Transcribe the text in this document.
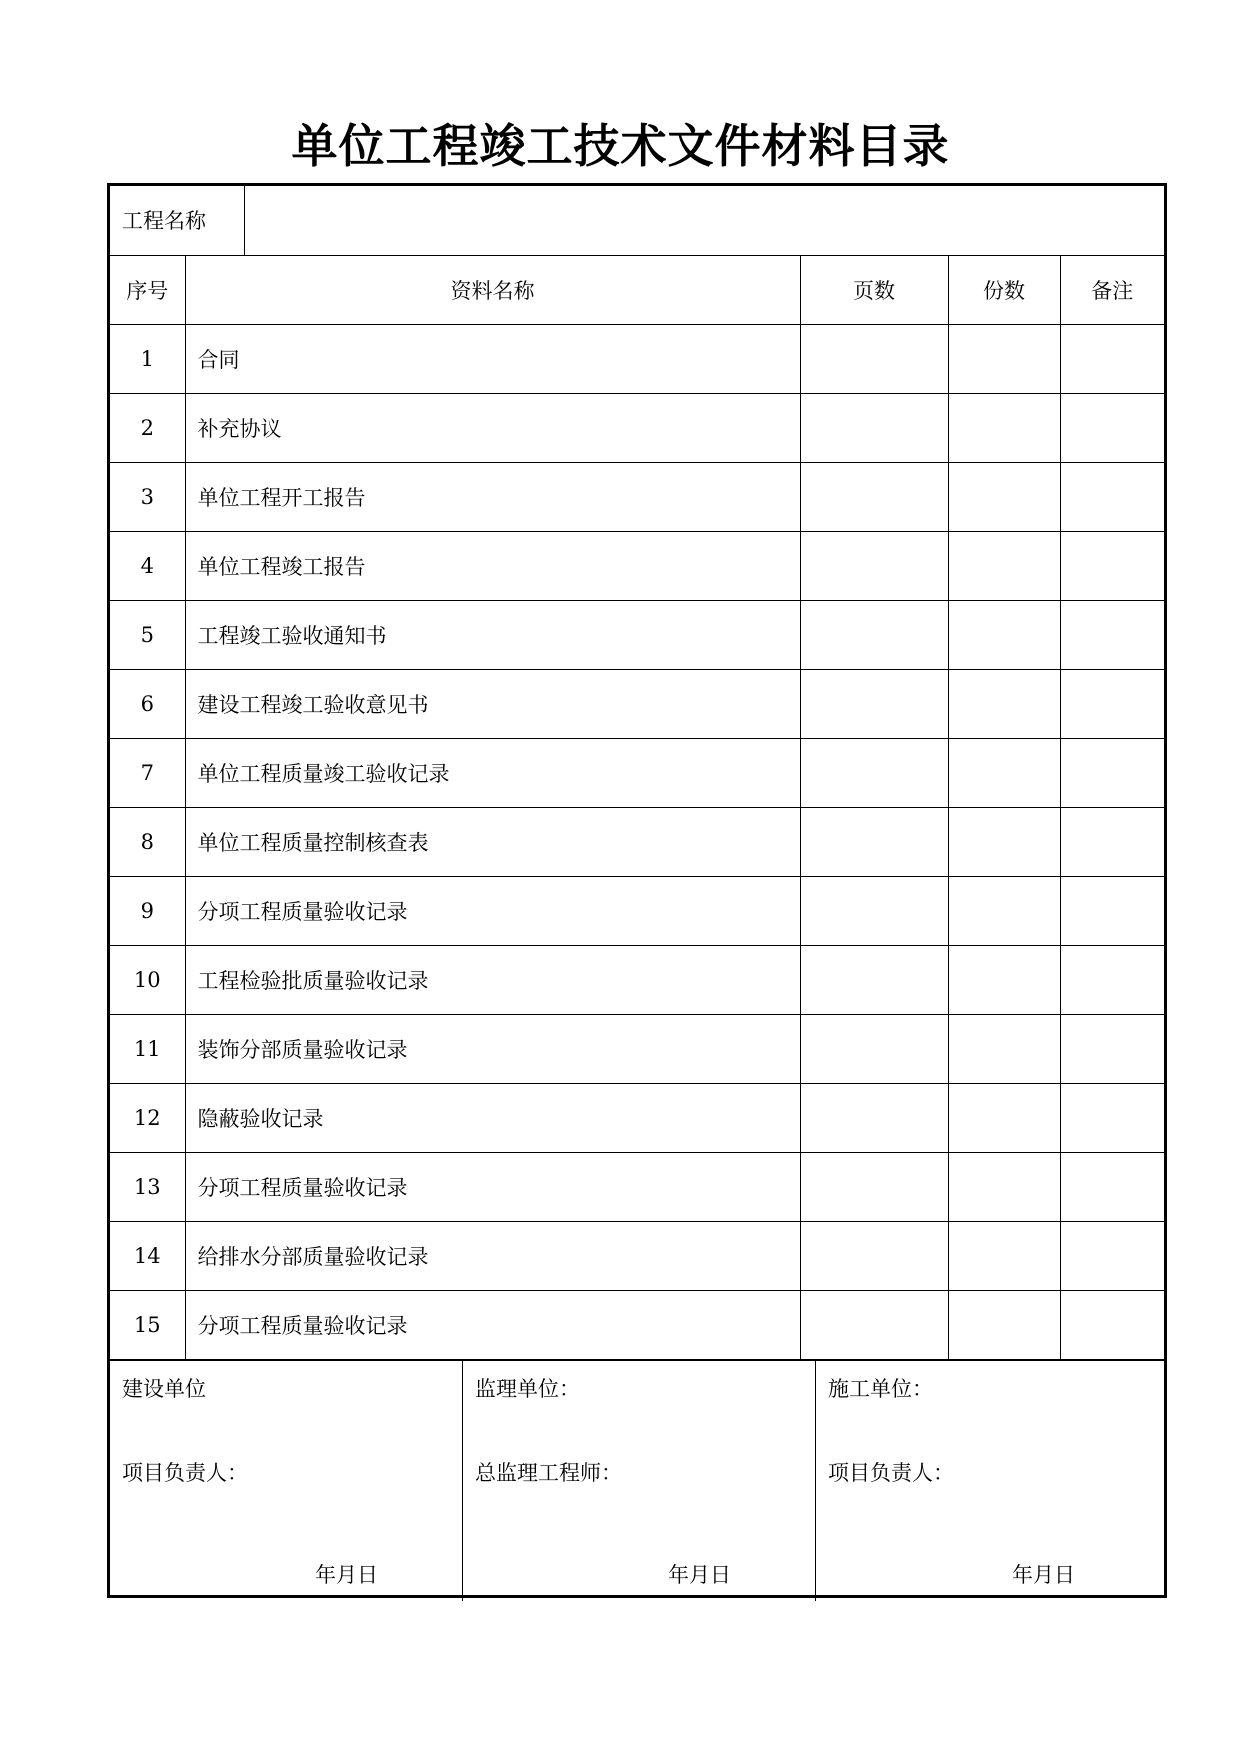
单位工程竣工技术文件材料目录
工程名称					
序号	资料名称		页数	份数	备注
1	合同				
2	补充协议				
3	单位工程开工报告				
4	单位工程竣工报告				
5	工程竣工验收通知书				
6	建设工程竣工验收意见书				
7	单位工程质量竣工验收记录				
8	单位工程质量控制核查表				
9	分项工程质量验收记录				
10	工程检验批质量验收记录				
11	装饰分部质量验收记录				
12	隐蔽验收记录				
13	分项工程质量验收记录				
14	给排水分部质量验收记录				
15	分项工程质量验收记录				
建设单位
项目负责人：
年月日
监理单位：
总监理工程师：
年月日
施工单位：
项目负责人：
年月日
